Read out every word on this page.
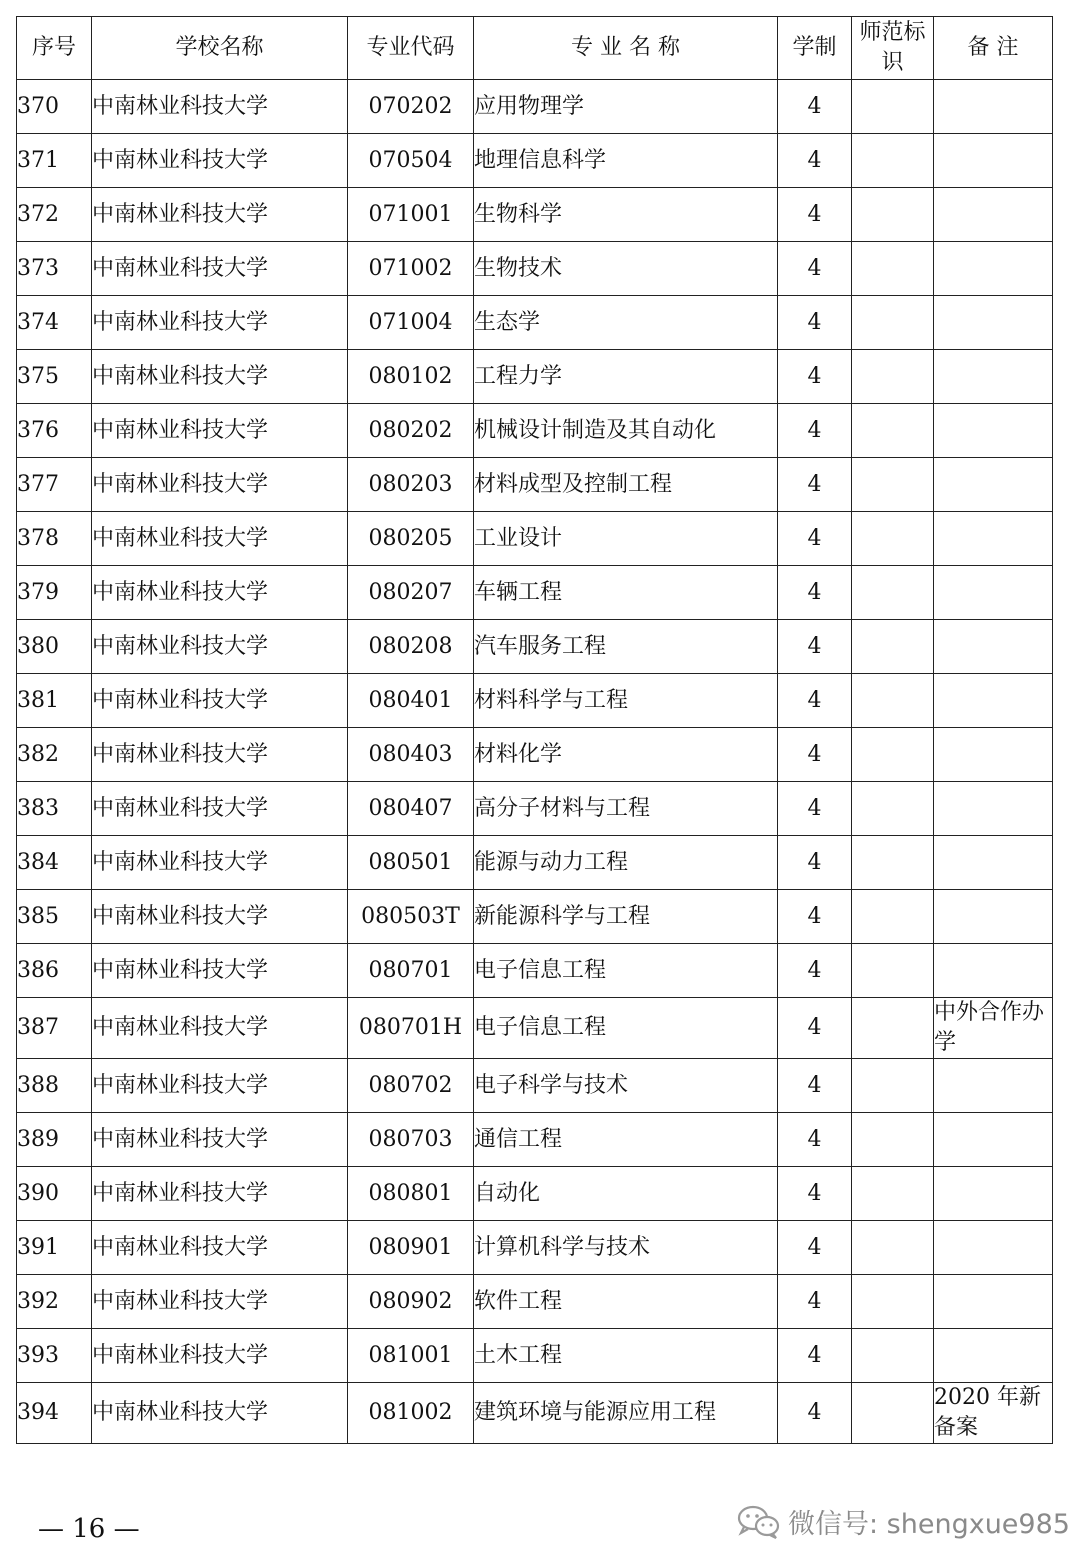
序号	学校名称	专业代码	专 业 名 称	学制	师范标识	备 注
370	中南林业科技大学	070202	应用物理学	4		
371	中南林业科技大学	070504	地理信息科学	4		
372	中南林业科技大学	071001	生物科学	4		
373	中南林业科技大学	071002	生物技术	4		
374	中南林业科技大学	071004	生态学	4		
375	中南林业科技大学	080102	工程力学	4		
376	中南林业科技大学	080202	机械设计制造及其自动化	4		
377	中南林业科技大学	080203	材料成型及控制工程	4		
378	中南林业科技大学	080205	工业设计	4		
379	中南林业科技大学	080207	车辆工程	4		
380	中南林业科技大学	080208	汽车服务工程	4		
381	中南林业科技大学	080401	材料科学与工程	4		
382	中南林业科技大学	080403	材料化学	4		
383	中南林业科技大学	080407	高分子材料与工程	4		
384	中南林业科技大学	080501	能源与动力工程	4		
385	中南林业科技大学	080503T	新能源科学与工程	4		
386	中南林业科技大学	080701	电子信息工程	4		
387	中南林业科技大学	080701H	电子信息工程	4		中外合作办学
388	中南林业科技大学	080702	电子科学与技术	4		
389	中南林业科技大学	080703	通信工程	4		
390	中南林业科技大学	080801	自动化	4		
391	中南林业科技大学	080901	计算机科学与技术	4		
392	中南林业科技大学	080902	软件工程	4		
393	中南林业科技大学	081001	土木工程	4		
394	中南林业科技大学	081002	建筑环境与能源应用工程	4		2020 年新备案
— 16 —	微信号: shengxue985
